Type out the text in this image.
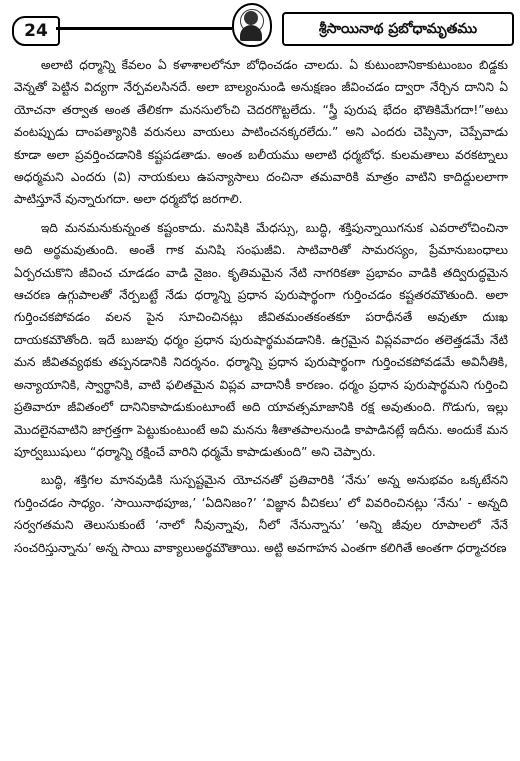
24	శ్రీసాయినాథ ప్రబోధామృతము

అలాటి ధర్మాన్ని కేవలం ఏ కళాశాలలోనూ బోధించడం చాలదు. ఏ కుటుంబానికాకుటుంబం బిడ్డకు వెన్నతో పెట్టిన విద్యగా నేర్పవలసినదే. అలా బాల్యంనుండి అనుక్షణం జీవించడం ద్వారా నేర్చిన దానిని ఏ యోచనా తర్వాత అంత తేలికగా మనసులోంచి చెదరగొట్టలేదు. “స్త్రీ పురుష భేదం భౌతికిమేగదా!”అటు వంటప్పుడు దాంపత్యానికి వరునలు వాయలు పాటించనక్కరలేదు.” అని ఎందరు చెప్పినా, చెప్పేవాడు కూడా అలా ప్రవర్తించడానికి కష్టపడతాడు. అంత బలీయము అలాటి ధర్మబోధ. కులమతాలు వరకట్నాలు అధర్మమని ఎందరు (వి) నాయకులు ఉపన్యాసాలు దంచినా తమవారికి మాత్రం వాటిని కాదిద్దులలాగా పాటిస్తూనే వున్నారుగదా. అలా ధర్మబోధ జరగాలి.

ఇది మనమనుకున్నంత కష్టంకాదు. మనిషికి మేధస్సు, బుద్ధి, శక్తిపున్నాయిగనుక ఎవరాలోచించినా అది అర్థమవుతుంది. అంతే గాక మనిషి సంఘజీవి. సాటివారితో సామరస్యం, ప్రేమానుబంధాలు ఏర్పరచుకొని జీవించ చూడడం వాడి నైజం. కృతిమమైన నేటి నాగరికతా ప్రభావం వాడికి తద్విరుద్ధమైన ఆచరణ ఉగ్గుపాలతో నేర్పబట్టే నేడు ధర్మాన్ని ప్రధాన పురుషార్థంగా గుర్తించడం కష్టతరమౌతుంది. అలా గుర్తించకపోవడం వలన పైన సూచించినట్లు జీవితమంతకంతకూ పరాధీనతే అవుతూ దుఃఖ దాయకమౌతోంది. ఇదే బుజువు ధర్మం ప్రధాన పురుషార్థమవడానికి. ఉగ్రమైన విప్లవవాదం తలెత్తడమే నేటి మన జీవితవ్యథకు తప్పనడానికి నిదర్శనం. ధర్మాన్ని ప్రధాన పురుషార్థంగా గుర్తించకపోవడమే అవినీతికి, అన్యాయానికి, స్వార్థానికి, వాటి ఫలితమైన విప్లవ వాదానికీ కారణం. ధర్మం ప్రధాన పురుషార్థమని గుర్తించి ప్రతివారూ జీవితంలో దానినికాపాడుకుంటూంటే అది యావత్సమాజానికి రక్ష అవుతుంది. గొడుగు, ఇల్లు మొదలైనవాటిని జాగ్రత్తగా పెట్టుకుంటుంటే అవి మనను శీతాతపాలనుండి కాపాడినట్లే ఇదీను. అందుకే మన పూర్వఋషులు “ధర్మాన్ని రక్షించే వారిని ధర్మమే కాపాడుతుంది” అని చెప్పారు.

బుద్ధి, శక్తిగల మానవుడికి సుస్పష్టమైన యోచనతో ప్రతివారికి ‘నేను’ అన్న అనుభవం ఒక్కటేనని గుర్తించడం సాధ్యం. ‘సాయినాథపూజ,’ ‘ఏదినిజం?’ ‘విజ్ఞాన వీచికలు’ లో వివరించినట్లు ‘నేను’ - అన్నది సర్వగతమని తెలుసుకుంటే ‘నాలో నీవున్నావు, నీలో నేనున్నాను’ ‘అన్ని జీవుల రూపాలలో నేనే సంచరిస్తున్నాను’ అన్న సాయి వాక్యాలుఅర్థమౌతాయి. అట్టి అవగాహన ఎంతగా కలిగితే అంతగా ధర్మాచరణ
